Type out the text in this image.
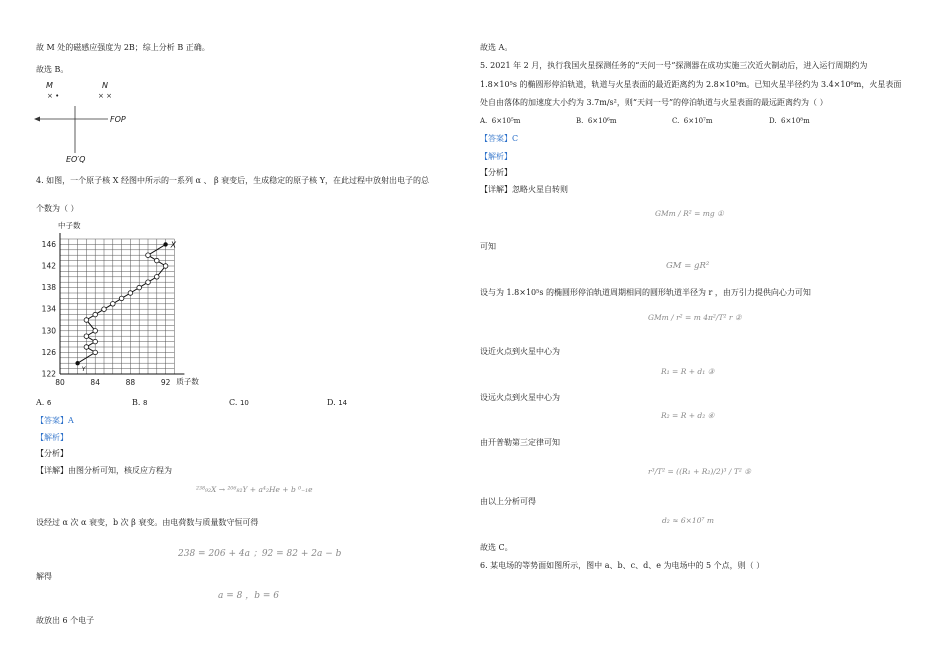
故 M 处的磁感应强度为 2B；综上分析 B 正确。
故选 B。
M	N
× •	× ×
FOP
EO′Q
4. 如图，一个原子核 X 经图中所示的一系列 α 、 β 衰变后，生成稳定的原子核 Y，在此过程中放射出电子的总
个数为（ ）
80	84	88	92
122
126
130
134
138
142
146
中子数
质子数
X
Y
A. 6	B. 8	C. 10	D. 14
【答案】A
【解析】
【分析】
【详解】由图分析可知，核反应方程为
²³⁸₉₂X → ²⁰⁶₈₂Y + a⁴₂He + b ⁰₋₁e
设经过 α 次 α 衰变，b 次 β 衰变。由电荷数与质量数守恒可得
238 = 206 + 4a ；92 = 82 + 2a − b
解得
a = 8 ，b = 6
故放出 6 个电子
故选 A。
5. 2021 年 2 月，执行我国火星探测任务的“天问一号”探测器在成功实施三次近火制动后，进入运行周期约为
1.8×10⁵s 的椭圆形停泊轨道，轨道与火星表面的最近距离约为 2.8×10⁵m。已知火星半径约为 3.4×10⁶m，火星表面
处自由落体的加速度大小约为 3.7m/s²，则“天问一号”的停泊轨道与火星表面的最远距离约为（ ）
A. 6×10⁵m	B. 6×10⁶m	C. 6×10⁷m	D. 6×10⁸m
【答案】C
【解析】
【分析】
【详解】忽略火星自转则
GMm / R² = mg ①
可知
GM = gR²
设与为 1.8×10⁵s 的椭圆形停泊轨道周期相同的圆形轨道半径为 r ，由万引力提供向心力可知
GMm / r² = m 4π²/T² r ②
设近火点到火星中心为
R₁ = R + d₁ ③
设远火点到火星中心为
R₂ = R + d₂ ④
由开普勒第三定律可知
r³/T² = ((R₁ + R₂)/2)³ / T² ⑤
由以上分析可得
d₂ ≈ 6×10⁷ m
故选 C。
6. 某电场的等势面如图所示，图中 a、b、c、d、e 为电场中的 5 个点，则（ ）
